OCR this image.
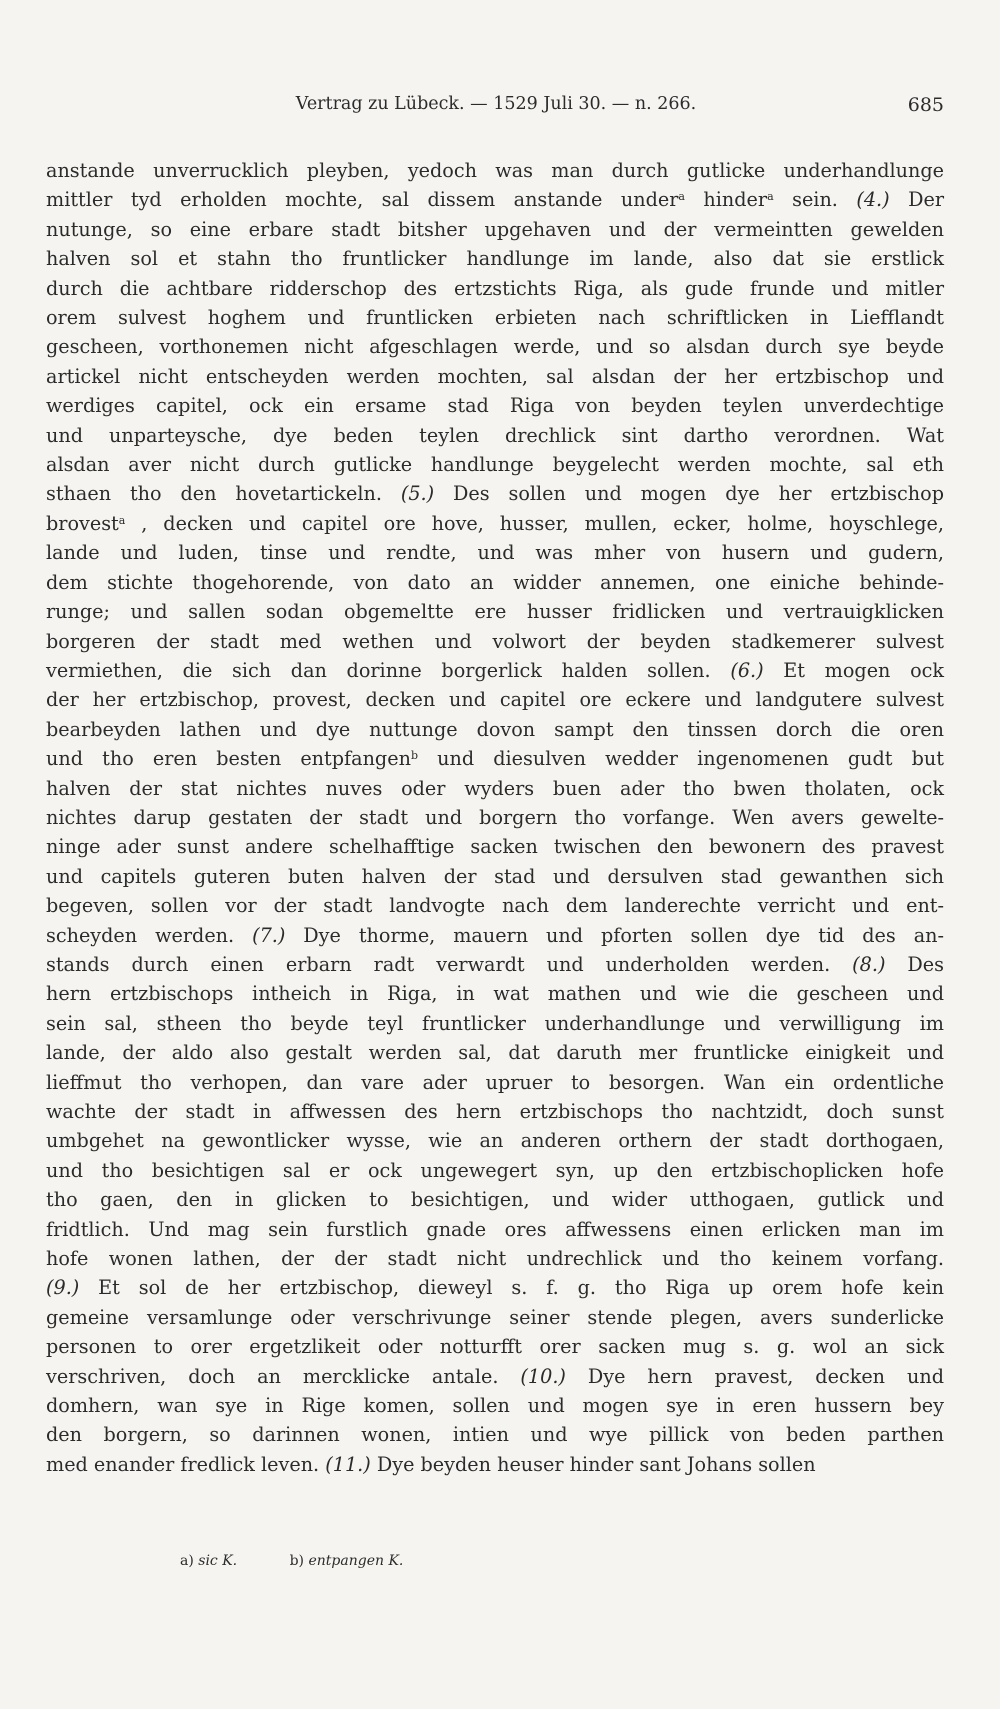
Vertrag zu Lübeck. — 1529 Juli 30. — n. 266.	685
anstande unverrucklich pleyben, yedoch was man durch gutlicke underhandlunge
mittler tyd erholden mochte, sal dissem anstande under$^a$ hinder$^a$ sein. (4.) Der
nutunge, so eine erbare stadt bitsher upgehaven und der vermeintten gewelden
halven sol et stahn tho fruntlicker handlunge im lande, also dat sie erstlick
durch die achtbare ridderschop des ertzstichts Riga, als gude frunde und mitler
orem sulvest hoghem und fruntlicken erbieten nach schriftlicken in Liefflandt
gescheen, vorthonemen nicht afgeschlagen werde, und so alsdan durch sye beyde
artickel nicht entscheyden werden mochten, sal alsdan der her ertzbischop und
werdiges capitel, ock ein ersame stad Riga von beyden teylen unverdechtige
und unparteysche, dye beden teylen drechlick sint dartho verordnen. Wat
alsdan aver nicht durch gutlicke handlunge beygelecht werden mochte, sal eth
sthaen tho den hovetartickeln. (5.) Des sollen und mogen dye her ertzbischop
brovest$^a$ , decken und capitel ore hove, husser, mullen, ecker, holme, hoyschlege,
lande und luden, tinse und rendte, und was mher von husern und gudern,
dem stichte thogehorende, von dato an widder annemen, one einiche behinde-
runge; und sallen sodan obgemeltte ere husser fridlicken und vertrauigklicken
borgeren der stadt med wethen und volwort der beyden stadkemerer sulvest
vermiethen, die sich dan dorinne borgerlick halden sollen. (6.) Et mogen ock
der her ertzbischop, provest, decken und capitel ore eckere und landgutere sulvest
bearbeyden lathen und dye nuttunge dovon sampt den tinssen dorch die oren
und tho eren besten entpfangen$^b$ und diesulven wedder ingenomenen gudt but
halven der stat nichtes nuves oder wyders buen ader tho bwen tholaten, ock
nichtes darup gestaten der stadt und borgern tho vorfange. Wen avers gewelte-
ninge ader sunst andere schelhafftige sacken twischen den bewonern des pravest
und capitels guteren buten halven der stad und dersulven stad gewanthen sich
begeven, sollen vor der stadt landvogte nach dem landerechte verricht und ent-
scheyden werden. (7.) Dye thorme, mauern und pforten sollen dye tid des an-
stands durch einen erbarn radt verwardt und underholden werden. (8.) Des
hern ertzbischops intheich in Riga, in wat mathen und wie die gescheen und
sein sal, stheen tho beyde teyl fruntlicker underhandlunge und verwilligung im
lande, der aldo also gestalt werden sal, dat daruth mer fruntlicke einigkeit und
lieffmut tho verhopen, dan vare ader upruer to besorgen. Wan ein ordentliche
wachte der stadt in affwessen des hern ertzbischops tho nachtzidt, doch sunst
umbgehet na gewontlicker wysse, wie an anderen orthern der stadt dorthogaen,
und tho besichtigen sal er ock ungewegert syn, up den ertzbischoplicken hofe
tho gaen, den in glicken to besichtigen, und wider utthogaen, gutlick und
fridtlich. Und mag sein furstlich gnade ores affwessens einen erlicken man im
hofe wonen lathen, der der stadt nicht undrechlick und tho keinem vorfang.
(9.) Et sol de her ertzbischop, dieweyl s. f. g. tho Riga up orem hofe kein
gemeine versamlunge oder verschrivunge seiner stende plegen, avers sunderlicke
personen to orer ergetzlikeit oder notturfft orer sacken mug s. g. wol an sick
verschriven, doch an mercklicke antale. (10.) Dye hern pravest, decken und
domhern, wan sye in Rige komen, sollen und mogen sye in eren hussern bey
den borgern, so darinnen wonen, intien und wye pillick von beden parthen
med enander fredlick leven. (11.) Dye beyden heuser hinder sant Johans sollen
a) sic K.	b) entpangen K.
